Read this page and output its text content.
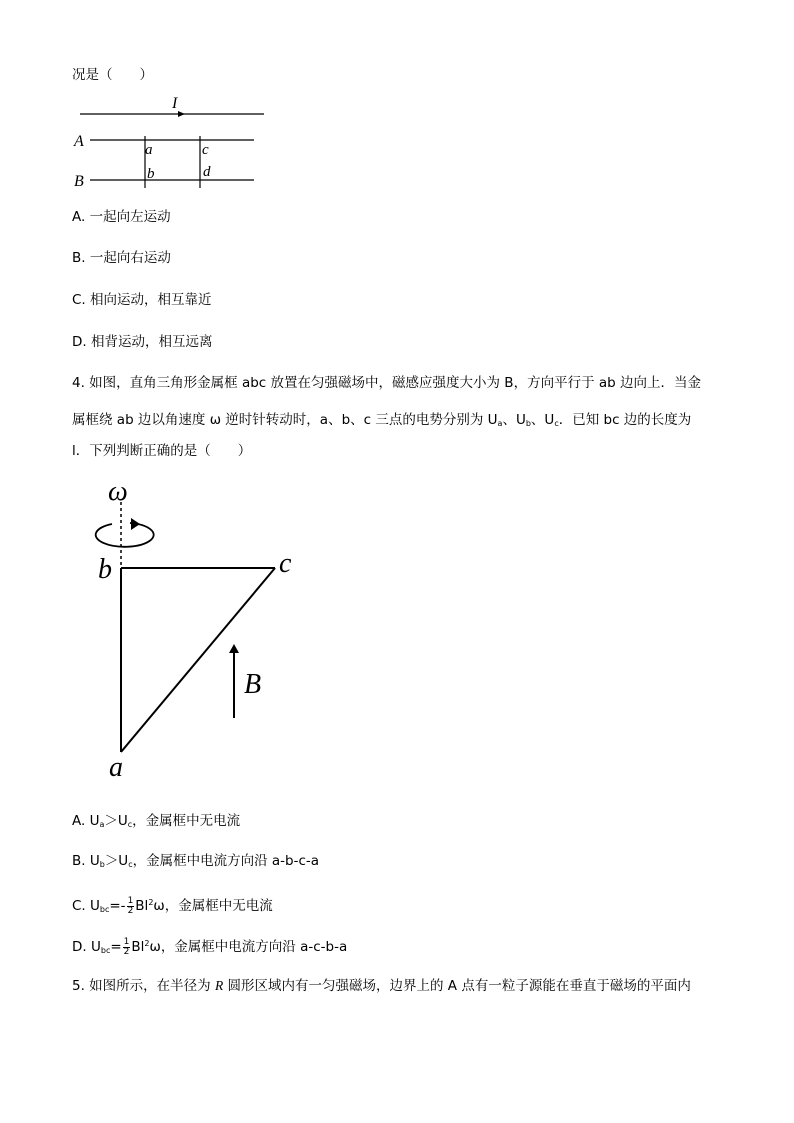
况是（　　）
I
A
B
a
b
c
d
A. 一起向左运动
B. 一起向右运动
C. 相向运动，相互靠近
D. 相背运动，相互远离
4. 如图，直角三角形金属框 abc 放置在匀强磁场中，磁感应强度大小为 B，方向平行于 ab 边向上．当金
属框绕 ab 边以角速度 ω 逆时针转动时，a、b、c 三点的电势分别为 $U_a$、$U_b$、$U_c$．已知 bc 边的长度为
l．下列判断正确的是（　　）
ω
b	c
a
B
A. $U_a>U_c$，金属框中无电流
B. $U_b>U_c$，金属框中电流方向沿 a-b-c-a
C. $U_{bc}=- \frac{1}{2} Bl^2\omega$，金属框中无电流
D. $U_{bc}= \frac{1}{2} Bl^2\omega$，金属框中电流方向沿 a-c-b-a
5. 如图所示，在半径为 R 圆形区域内有一匀强磁场，边界上的 A 点有一粒子源能在垂直于磁场的平面内
